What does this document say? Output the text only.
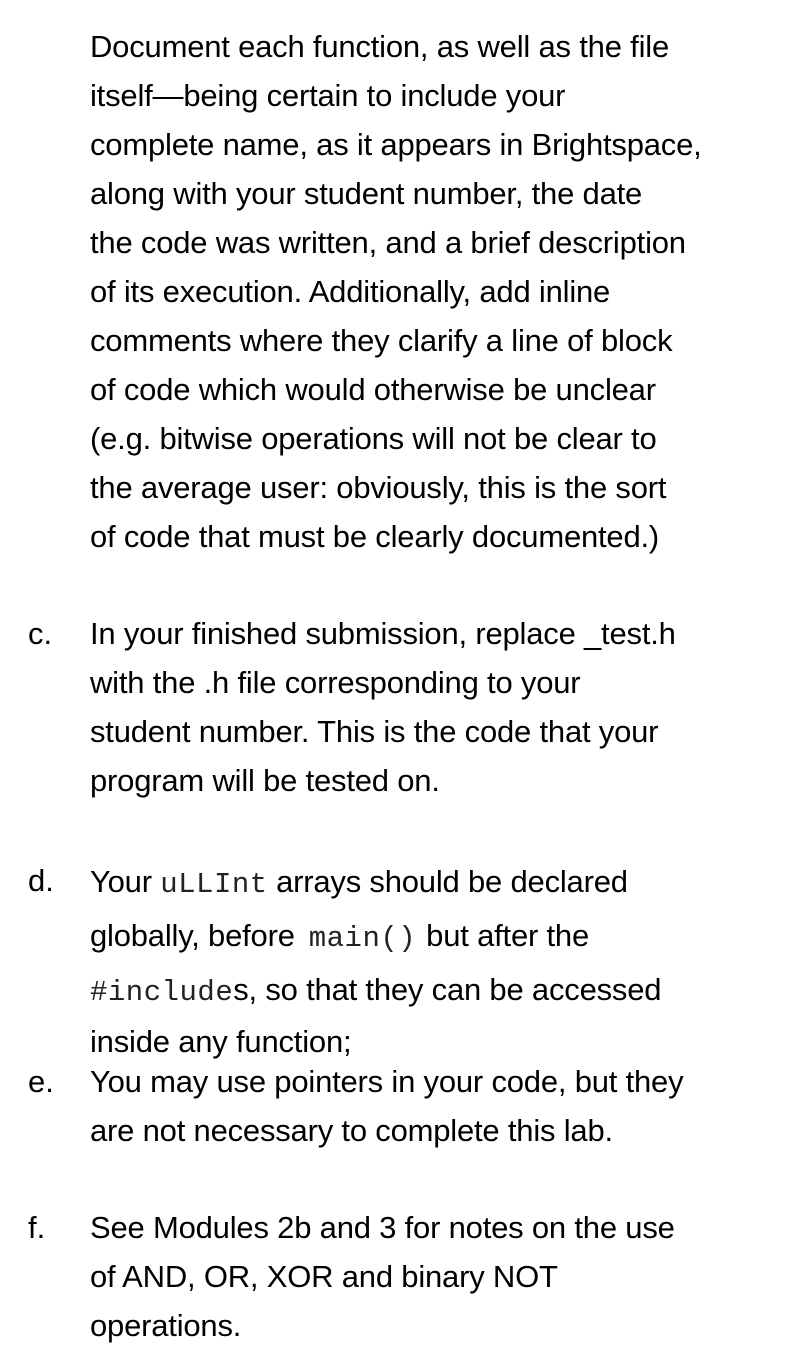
Document each function, as well as the file
itself—being certain to include your
complete name, as it appears in Brightspace,
along with your student number, the date
the code was written, and a brief description
of its execution. Additionally, add inline
comments where they clarify a line of block
of code which would otherwise be unclear
(e.g. bitwise operations will not be clear to
the average user: obviously, this is the sort
of code that must be clearly documented.)
c. In your finished submission, replace _test.h
with the .h file corresponding to your
student number. This is the code that your
program will be tested on.
d. Your uLLInt arrays should be declared
globally, before main() but after the
#includes, so that they can be accessed
inside any function;
e. You may use pointers in your code, but they
are not necessary to complete this lab.
f. See Modules 2b and 3 for notes on the use
of AND, OR, XOR and binary NOT
operations.
